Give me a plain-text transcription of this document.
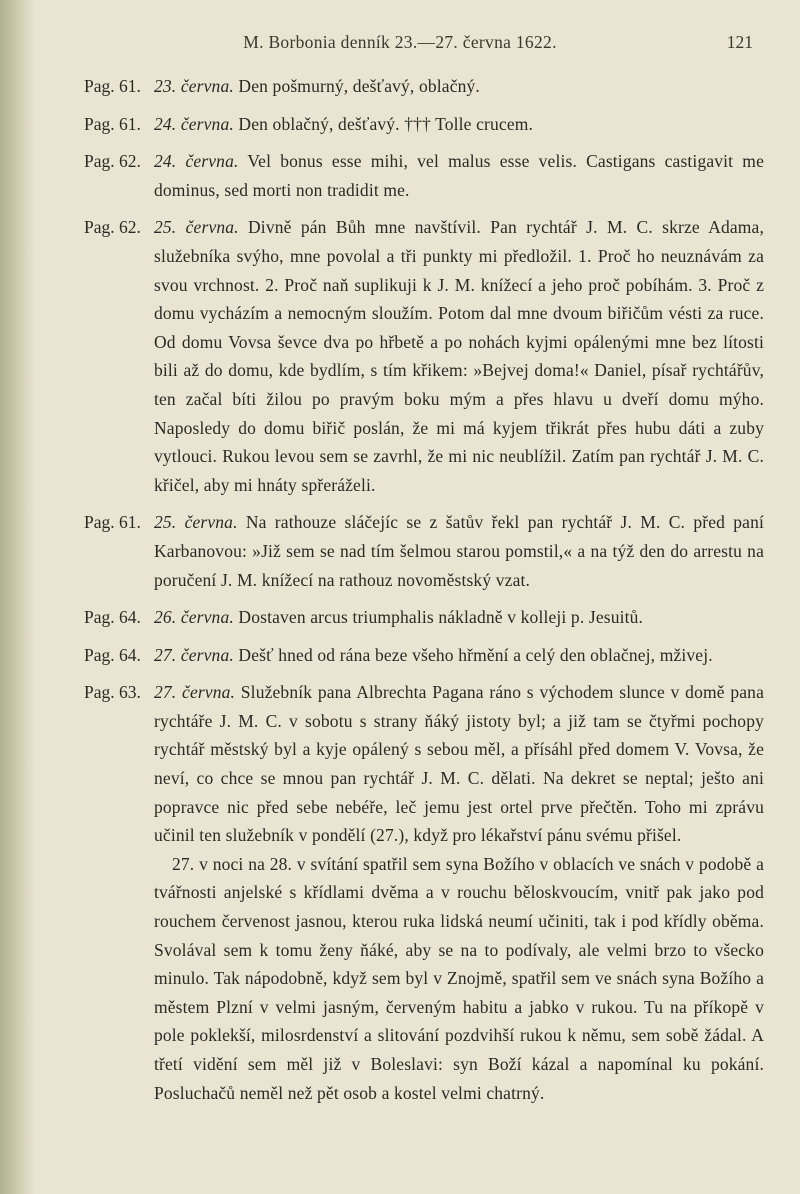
M. Borbonia denník 23.—27. června 1622.	121
Pag. 61. 23. června. Den pošmurný, dešťavý, oblačný.

Pag. 61. 24. června. Den oblačný, dešťavý. ††† Tolle crucem.

Pag. 62. 24. června. Vel bonus esse mihi, vel malus esse velis. Castigans castigavit me dominus, sed morti non tradidit me.

Pag. 62. 25. června. Divně pán Bůh mne navštívil. Pan rychtář J. M. C. skrze Adama, služebníka svýho, mne povolal a tři punkty mi předložil. 1. Proč ho neuznávám za svou vrchnost. 2. Proč naň suplikuji k J. M. knížecí a jeho proč pobíhám. 3. Proč z domu vycházím a nemocným sloužím. Potom dal mne dvoum biřičům vésti za ruce. Od domu Vovsa ševce dva po hřbetě a po nohách kyjmi opálenými mne bez lítosti bili až do domu, kde bydlím, s tím křikem: »Bejvej doma!« Daniel, písař rychtářův, ten začal bíti žilou po pravým boku mým a přes hlavu u dveří domu mýho. Naposledy do domu biřič poslán, že mi má kyjem třikrát přes hubu dáti a zuby vytlouci. Rukou levou sem se zavrhl, že mi nic neublížil. Zatím pan rychtář J. M. C. křičel, aby mi hnáty spřeráželi.

Pag. 61. 25. června. Na rathouze sláčejíc se z šatův řekl pan rychtář J. M. C. před paní Karbanovou: »Již sem se nad tím šelmou starou pomstil,« a na týž den do arrestu na poručení J. M. knížecí na rathouz novoměstský vzat.

Pag. 64. 26. června. Dostaven arcus triumphalis nákladně v kolleji p. Jesuitů.

Pag. 64. 27. června. Dešť hned od rána beze všeho hřmění a celý den oblačnej, mživej.

Pag. 63. 27. června. Služebník pana Albrechta Pagana ráno s východem slunce v domě pana rychtáře J. M. C. v sobotu s strany ňáký jistoty byl; a již tam se čtyřmi pochopy rychtář městský byl a kyje opálený s sebou měl, a přísáhl před domem V. Vovsa, že neví, co chce se mnou pan rychtář J. M. C. dělati. Na dekret se neptal; ješto ani popravce nic před sebe nebéře, leč jemu jest ortel prve přečtěn. Toho mi zprávu učinil ten služebník v pondělí (27.), když pro lékařství pánu svému přišel.

27. v noci na 28. v svítání spatřil sem syna Božího v oblacích ve snách v podobě a tvářnosti anjelské s křídlami dvěma a v rouchu běloskvoucím, vnitř pak jako pod rouchem červenost jasnou, kterou ruka lidská neumí učiniti, tak i pod křídly oběma. Svolával sem k tomu ženy ňáké, aby se na to podívaly, ale velmi brzo to všecko minulo. Tak nápodobně, když sem byl v Znojmě, spatřil sem ve snách syna Božího a městem Plzní v velmi jasným, červeným habitu a jabko v rukou. Tu na příkopě v pole poklekší, milosrdenství a slitování pozdvihší rukou k němu, sem sobě žádal. A třetí vidění sem měl již v Boleslavi: syn Boží kázal a napomínal ku pokání. Posluchačů neměl než pět osob a kostel velmi chatrný.
